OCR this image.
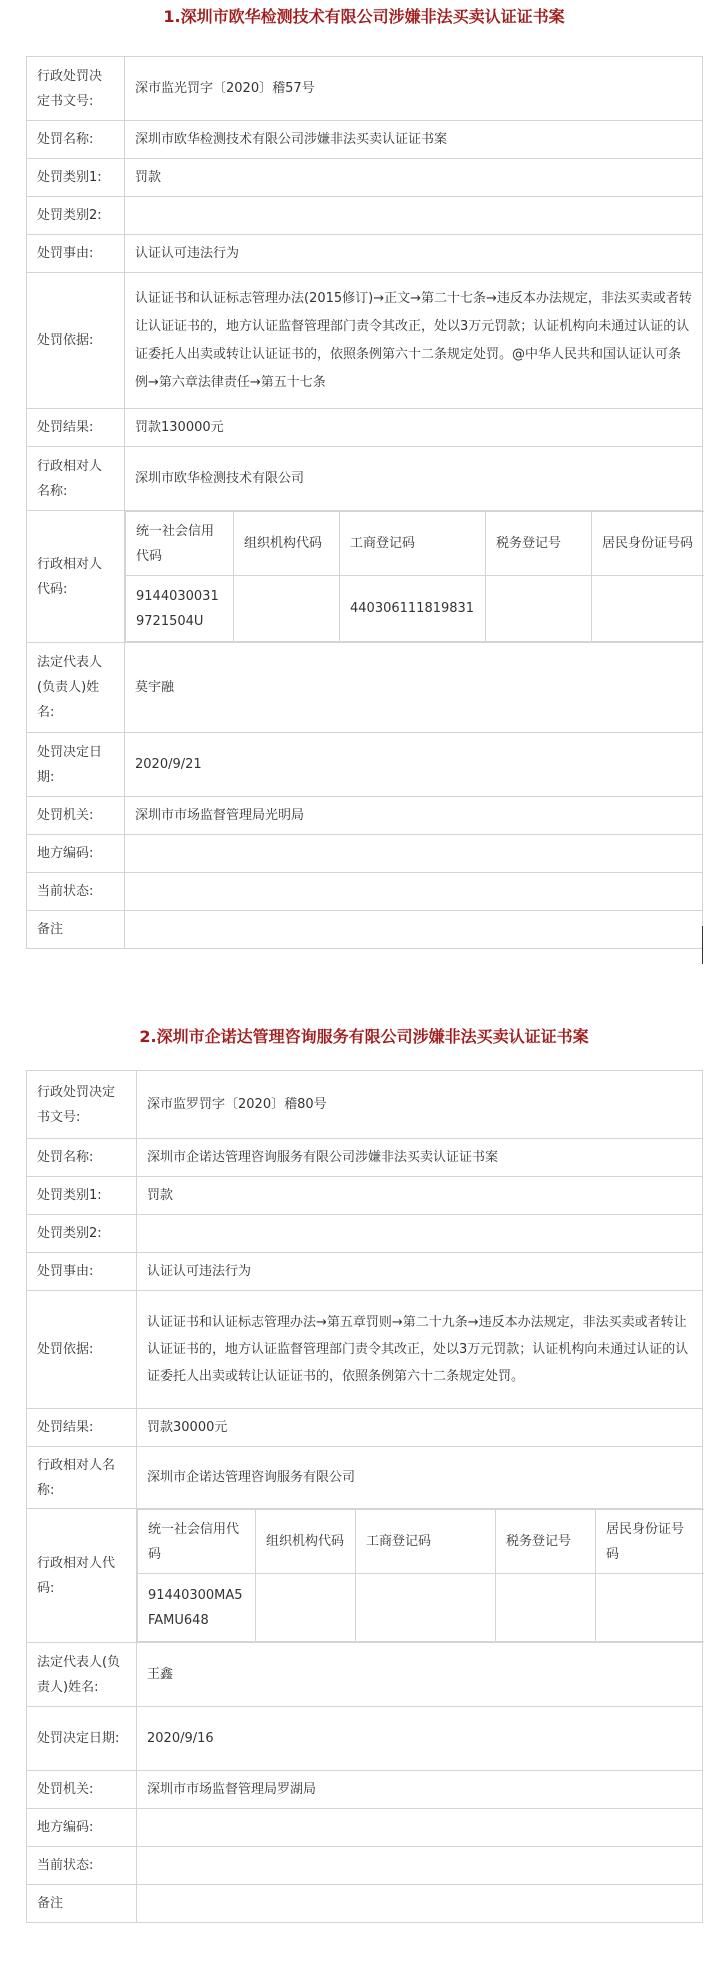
1.深圳市欧华检测技术有限公司涉嫌非法买卖认证证书案
行政处罚决定书文号:	深市监光罚字〔2020〕稽57号
处罚名称:	深圳市欧华检测技术有限公司涉嫌非法买卖认证证书案
处罚类别1:	罚款
处罚类别2:	
处罚事由:	认证认可违法行为
处罚依据:	认证证书和认证标志管理办法(2015修订)→正文→第二十七条→违反本办法规定，非法买卖或者转让认证证书的，地方认证监督管理部门责令其改正，处以3万元罚款；认证机构向未通过认证的认证委托人出卖或转让认证证书的，依照条例第六十二条规定处罚。@中华人民共和国认证认可条例→第六章法律责任→第五十七条
处罚结果:	罚款130000元
行政相对人名称:	深圳市欧华检测技术有限公司
行政相对人代码:	
统一社会信用代码	组织机构代码	工商登记码	税务登记号	居民身份证号码
91440300319721504U		440306111819831		

法定代表人(负责人)姓名:	莫宇融
处罚决定日期:	2020/9/21
处罚机关:	深圳市市场监督管理局光明局
地方编码:	
当前状态:	
备注	
2.深圳市企诺达管理咨询服务有限公司涉嫌非法买卖认证证书案
行政处罚决定书文号:	深市监罗罚字〔2020〕稽80号
处罚名称:	深圳市企诺达管理咨询服务有限公司涉嫌非法买卖认证证书案
处罚类别1:	罚款
处罚类别2:	
处罚事由:	认证认可违法行为
处罚依据:	认证证书和认证标志管理办法→第五章罚则→第二十九条→违反本办法规定，非法买卖或者转让认证证书的，地方认证监督管理部门责令其改正，处以3万元罚款；认证机构向未通过认证的认证委托人出卖或转让认证证书的，依照条例第六十二条规定处罚。
处罚结果:	罚款30000元
行政相对人名称:	深圳市企诺达管理咨询服务有限公司
行政相对人代码:	
统一社会信用代码	组织机构代码	工商登记码	税务登记号	居民身份证号码
91440300MA5FAMU648				

法定代表人(负责人)姓名:	王鑫
处罚决定日期:	2020/9/16
处罚机关:	深圳市市场监督管理局罗湖局
地方编码:	
当前状态:	
备注	
